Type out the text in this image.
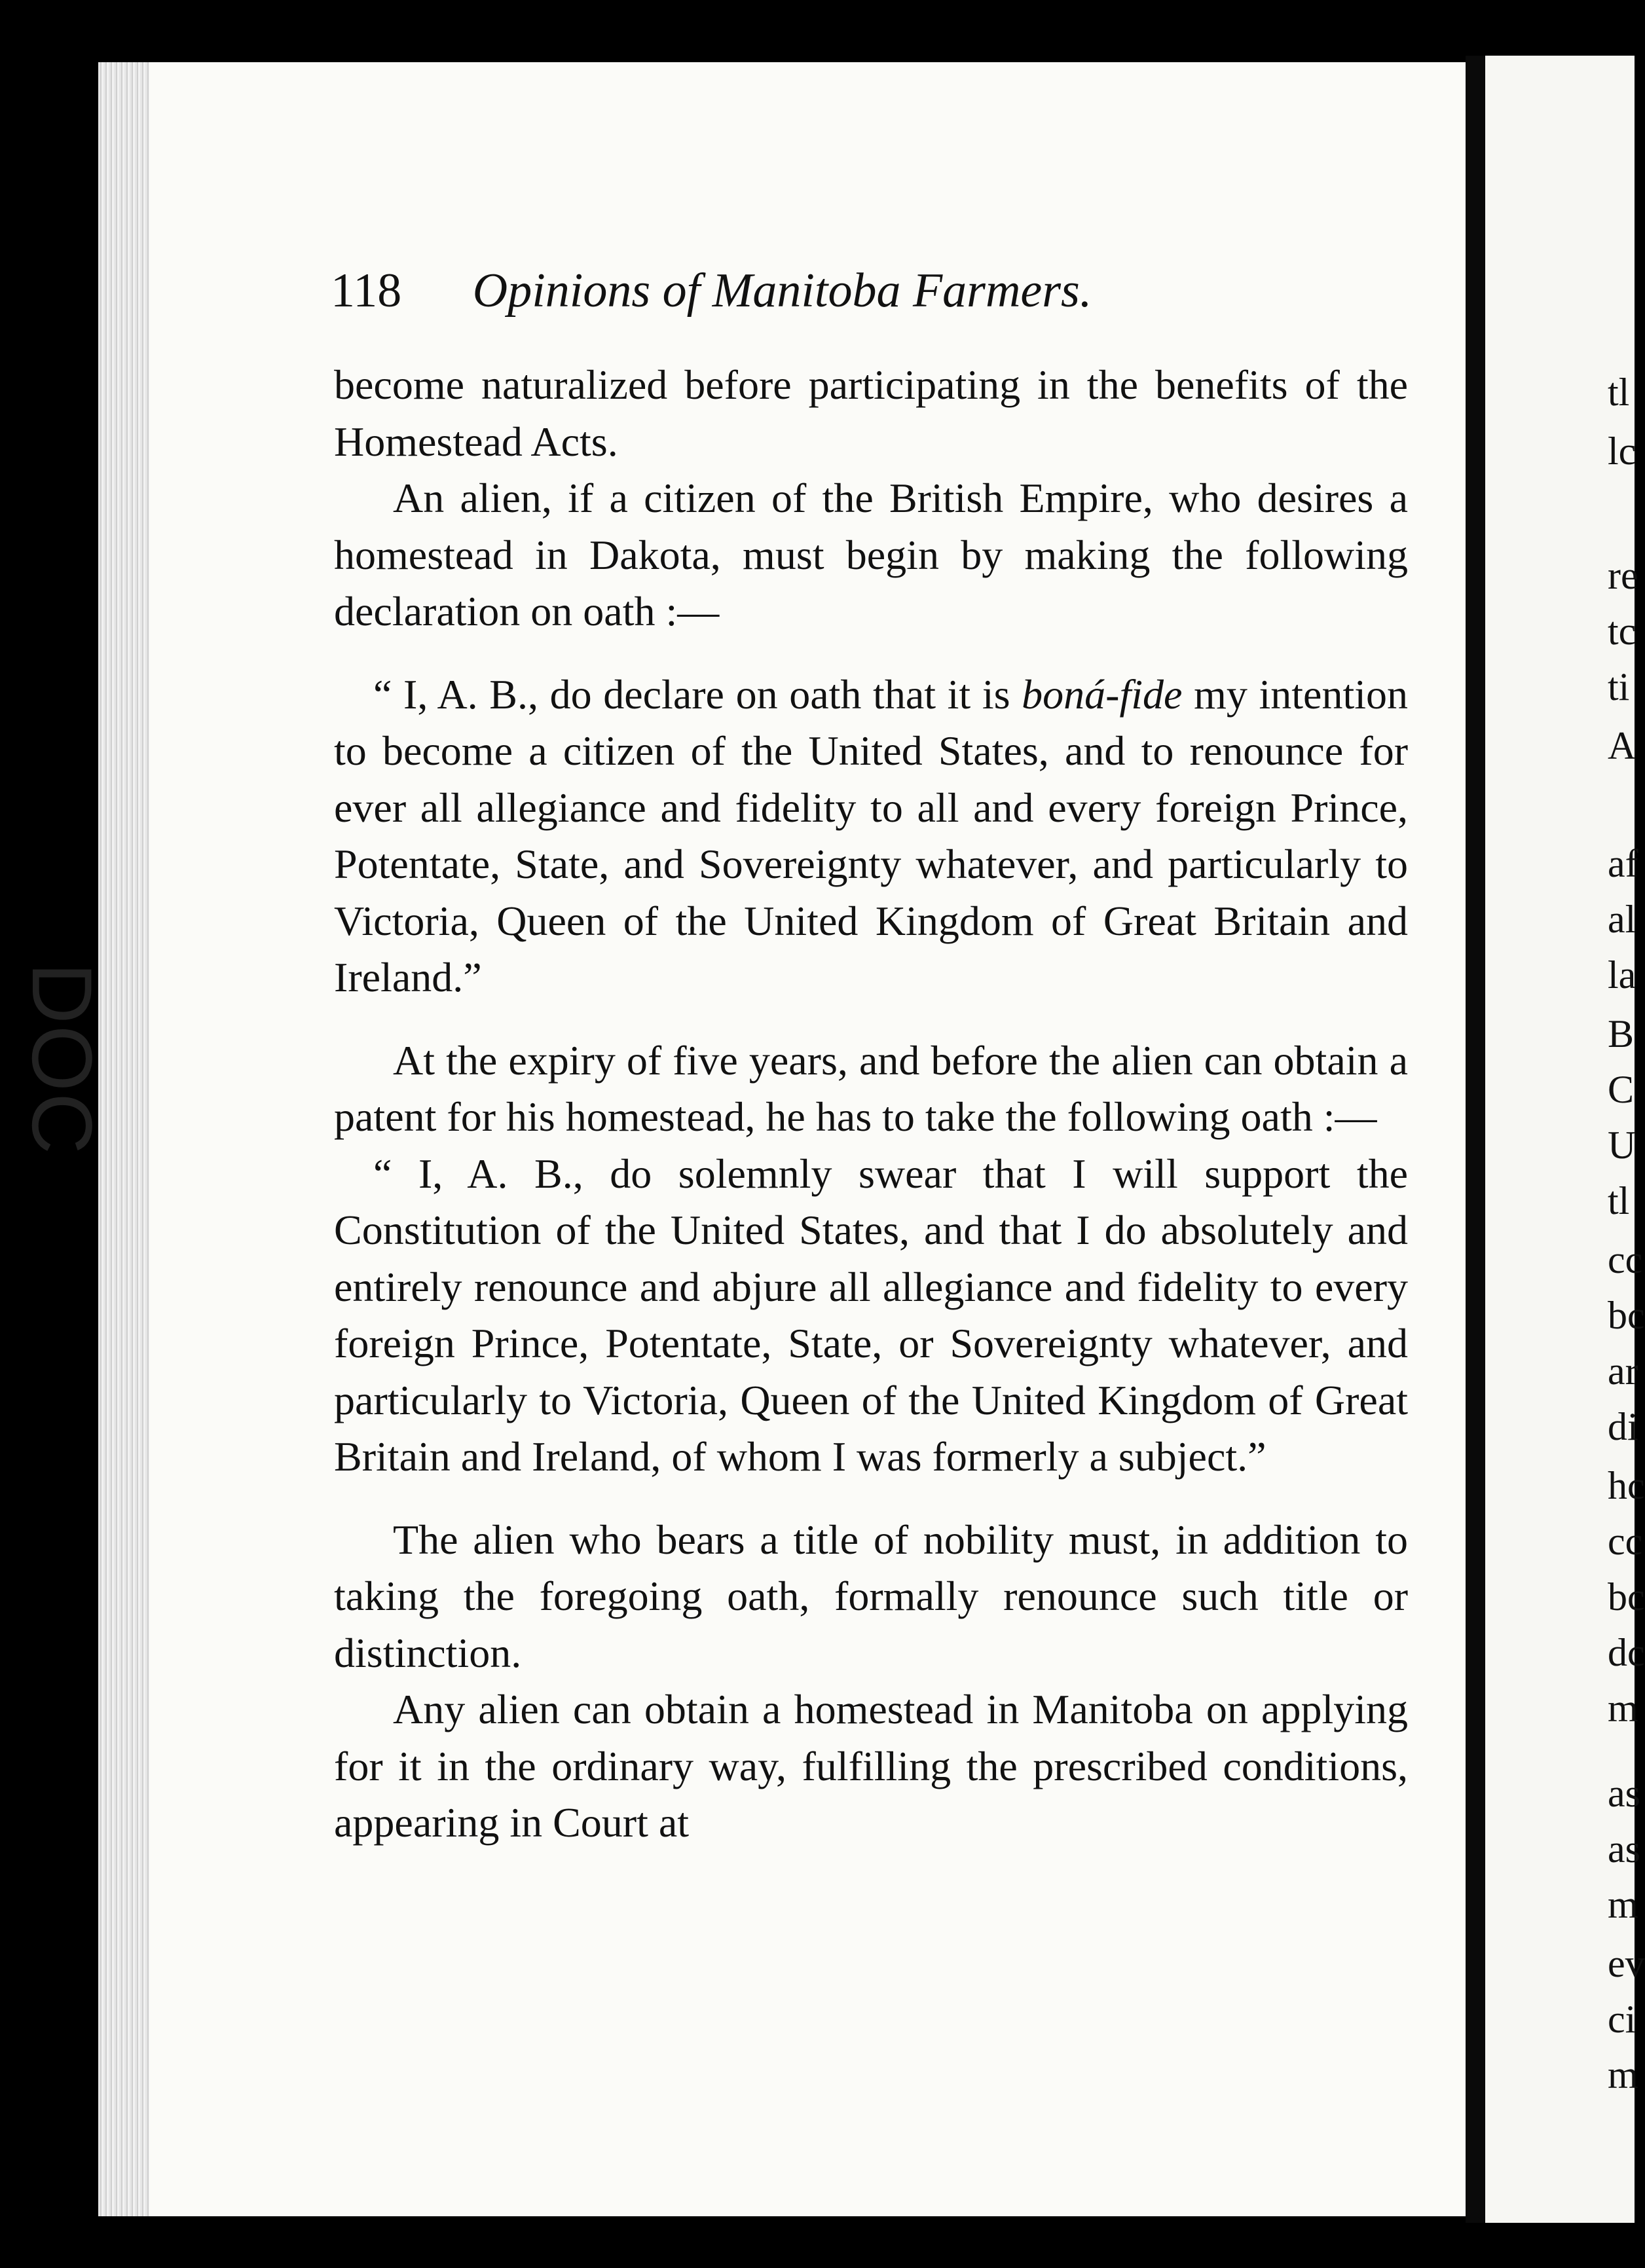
DOC
118 Opinions of Manitoba Farmers.

become naturalized before participating in the benefits of the Homestead Acts.

An alien, if a citizen of the British Empire, who desires a homestead in Dakota, must begin by making the following declaration on oath :—

“ I, A. B., do declare on oath that it is boná-fide my intention to become a citizen of the United States, and to renounce for ever all allegiance and fidelity to all and every foreign Prince, Potentate, State, and Sovereignty whatever, and particularly to Victoria, Queen of the United Kingdom of Great Britain and Ireland.”

At the expiry of five years, and before the alien can obtain a patent for his homestead, he has to take the following oath :—

“ I, A. B., do solemnly swear that I will support the Constitution of the United States, and that I do absolutely and entirely renounce and abjure all allegiance and fidelity to every foreign Prince, Potentate, State, or Sovereignty whatever, and particularly to Victoria, Queen of the United Kingdom of Great Britain and Ireland, of whom I was formerly a subject.”

The alien who bears a title of nobility must, in addition to taking the foregoing oath, formally renounce such title or distinction.

Any alien can obtain a homestead in Manitoba on applying for it in the ordinary way, fulfilling the prescribed conditions, appearing in Court at

tl
lc
re
tc
ti
A
af
al
la
B
C
U
tl
cc
bc
ar
di
hc
cc
bc
dc
m
as
as
m
ev
ci
m
